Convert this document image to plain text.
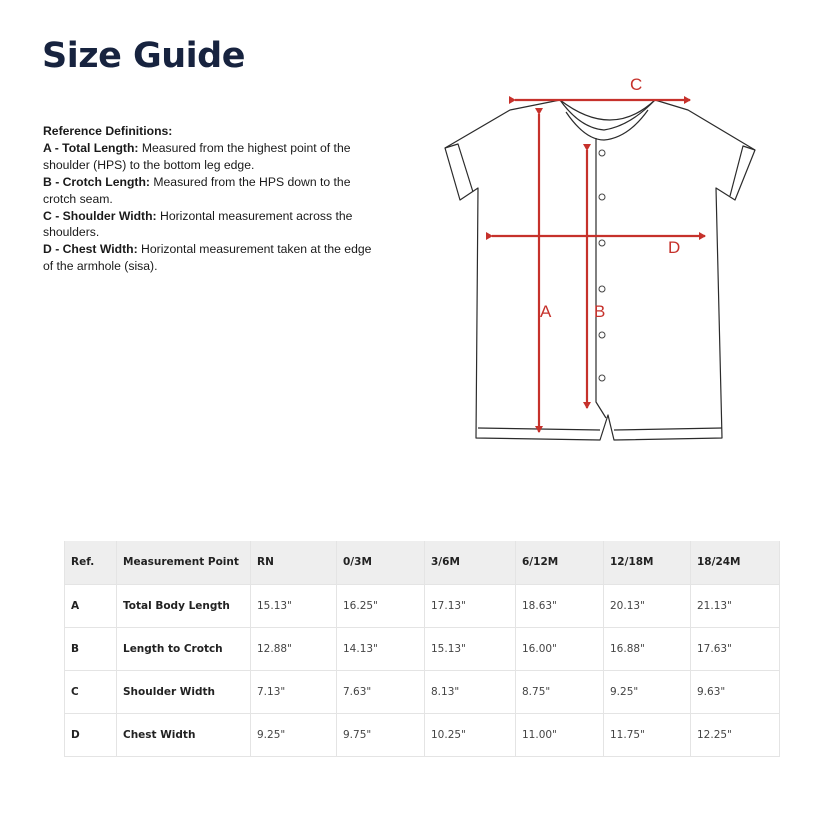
Size Guide

Reference Definitions:

A - Total Length: Measured from the highest point of the shoulder (HPS) to the bottom leg edge.

B - Crotch Length: Measured from the HPS down to the crotch seam.

C - Shoulder Width: Horizontal measurement across the shoulders.

D - Chest Width: Horizontal measurement taken at the edge of the armhole (sisa).

C
D
A	B
Ref.	Measurement Point	RN	0/3M	3/6M	6/12M	12/18M	18/24M
A	Total Body Length	15.13"	16.25"	17.13"	18.63"	20.13"	21.13"
B	Length to Crotch	12.88"	14.13"	15.13"	16.00"	16.88"	17.63"
C	Shoulder Width	7.13"	7.63"	8.13"	8.75"	9.25"	9.63"
D	Chest Width	9.25"	9.75"	10.25"	11.00"	11.75"	12.25"
